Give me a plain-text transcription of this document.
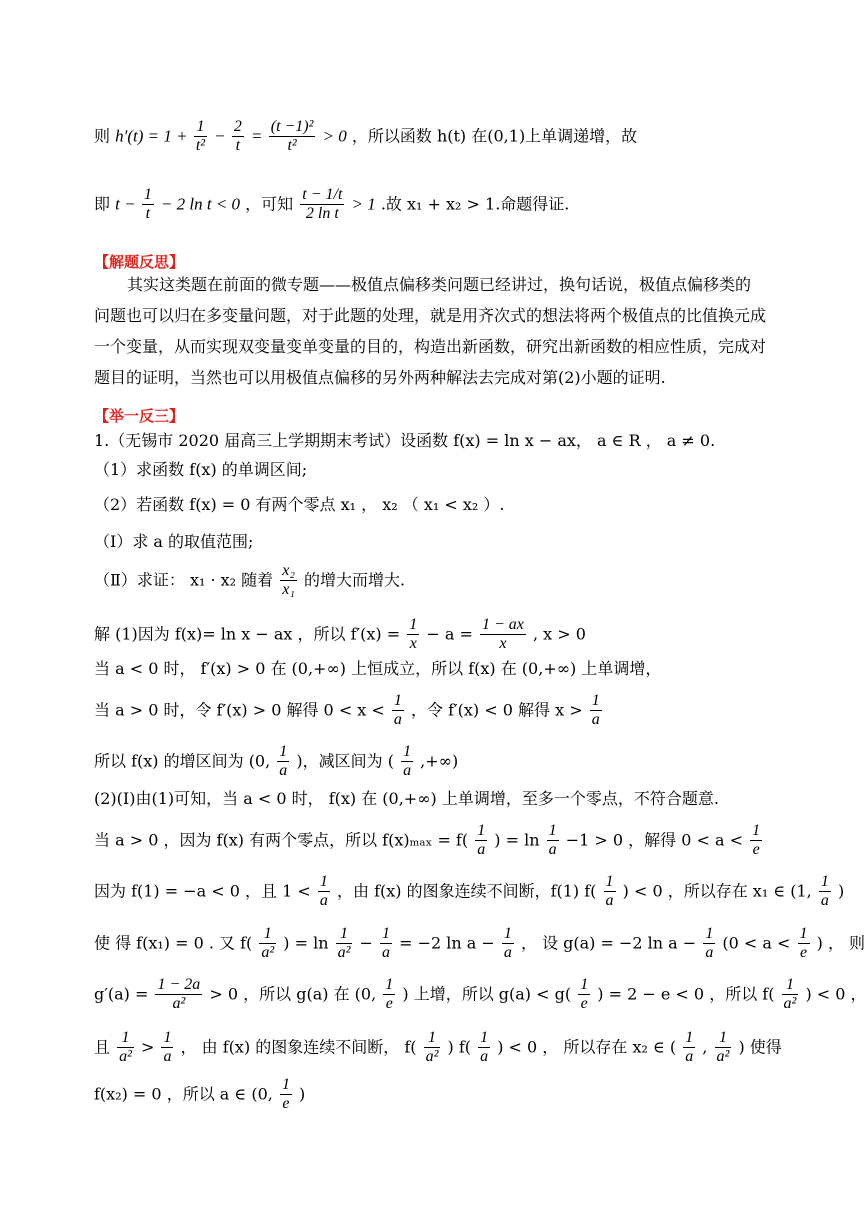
则 $h'(t) = 1 + \frac{1}{\text{t²}} - \frac{2}{t} = \frac{\text{(t −1)²}}{\text{t²}} > 0$ ，所以函数 h(t) 在(0,1)上单调递增，故
即 $t - \frac{1}{t} - 2$ ln t < 0 ，可知 $\frac{t - 1/t}{\text{2 ln t}} > 1$ .故 x₁ + x₂ > 1.命题得证.
【解题反思】

其实这类题在前面的微专题——极值点偏移类问题已经讲过，换句话说，极值点偏移类的问题也可以归在多变量问题，对于此题的处理，就是用齐次式的想法将两个极值点的比值换元成一个变量，从而实现双变量变单变量的目的，构造出新函数，研究出新函数的相应性质，完成对题目的证明，当然也可以用极值点偏移的另外两种解法去完成对第(2)小题的证明.

【举一反三】
1.（无锡市 2020 届高三上学期期末考试）设函数 f(x) = ln x − ax， a ∈ R ， a ≠ 0.
（1）求函数 f(x) 的单调区间;
（2）若函数 f(x) = 0 有两个零点 x₁ ， x₂ （ x₁ < x₂ ）.
（Ⅰ）求 a 的取值范围;
（Ⅱ）求证： x₁ · x₂ 随着 $\frac{\text{x₂}}{\text{x₁}}$ 的增大而增大.
解 (1)因为 f(x)= ln x − ax ，所以 $f'(x) = \frac{1}{x} - a = \frac{1 - ax}{x}$ , x > 0
当 a < 0 时， f′(x) > 0 在 (0,+∞) 上恒成立，所以 f(x) 在 (0,+∞) 上单调增，
当 a > 0 时，令 f′(x) > 0 解得 $0 < x < \frac{1}{a}$ ，令 f′(x) < 0 解得 $x > \frac{1}{a}$
所以 f(x) 的增区间为 (0, $\frac{1}{a}$ )，减区间为 ( $\frac{1}{a}$ ,+∞)
(2)(I)由(1)可知，当 a < 0 时， f(x) 在 (0,+∞) 上单调增，至多一个零点，不符合题意.
当 a > 0 ，因为 f(x) 有两个零点，所以 $f(x)_{max} = f( \frac{1}{a}$ ) = $\ln \frac{1}{a} -1 > 0$ ，解得 $0 < a < \frac{1}{e}$
因为 f(1) = −a < 0 ，且 $1 < \frac{1}{a}$ ，由 f(x) 的图象连续不间断，f(1) $f( \frac{1}{a}$ ) < 0 ，所以存在 x₁ ∈ (1, $\frac{1}{a}$ )
使 得 f(x₁) = 0 . 又 $f( \frac{1}{\text{a²}}$ ) = $\ln \frac{1}{\text{a²}} - \frac{1}{a} = -2$ $\ln a - \frac{1}{a}$ ， 设 g(a) = −2 $\ln a - \frac{1}{a} (0 < a < \frac{1}{e}$ ) ， 则
$g'(a) = \frac{1 - 2a}{\text{a²}} > 0$ ，所以 g(a) 在 (0, $\frac{1}{e}$ ) 上增，所以 $g(a) < g( \frac{1}{e}$ ) = 2 − e < 0 ，所以 $f( \frac{1}{\text{a²}}$ ) < 0 ，
且 $\frac{1}{\text{a²}} > \frac{1}{a}$ ， 由 f(x) 的图象连续不间断， $f( \frac{1}{\text{a²}}$ ) $f( \frac{1}{a}$ ) < 0 ， 所以存在 x₂ ∈ ( $\frac{1}{a}$ , $\frac{1}{\text{a²}}$ ) 使得
f(x₂) = 0 ，所以 a ∈ (0, $\frac{1}{e}$ )
